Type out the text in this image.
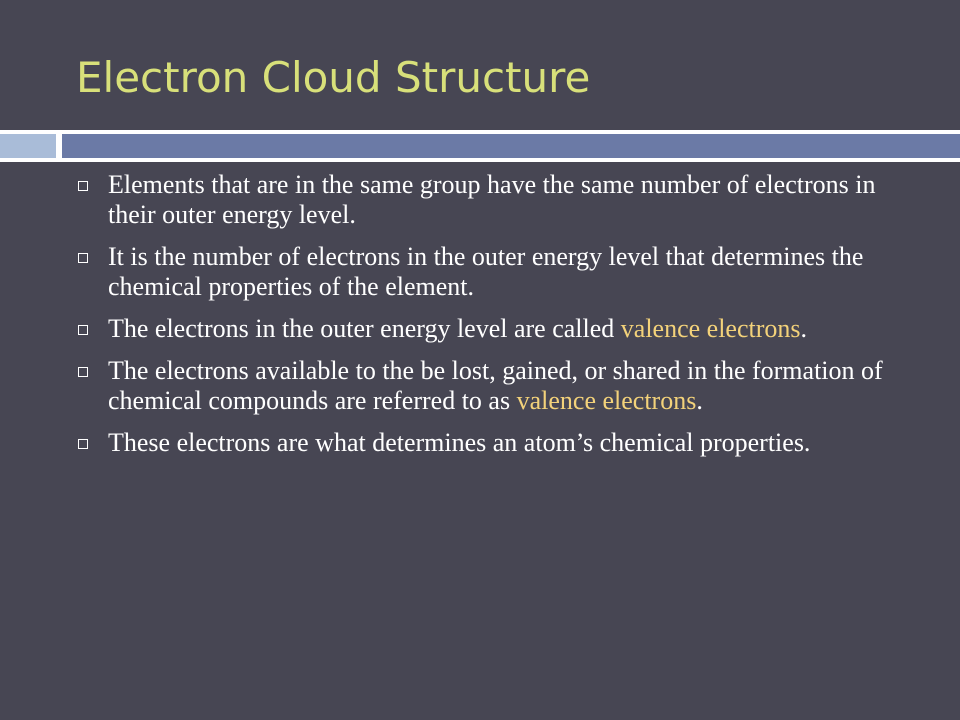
Electron Cloud Structure
Elements that are in the same group have the same number of electrons in their outer energy level.
It is the number of electrons in the outer energy level that determines the chemical properties of the element.
The electrons in the outer energy level are called valence electrons.
The electrons available to the be lost, gained, or shared in the formation of chemical compounds are referred to as valence electrons.
These electrons are what determines an atom’s chemical properties.
